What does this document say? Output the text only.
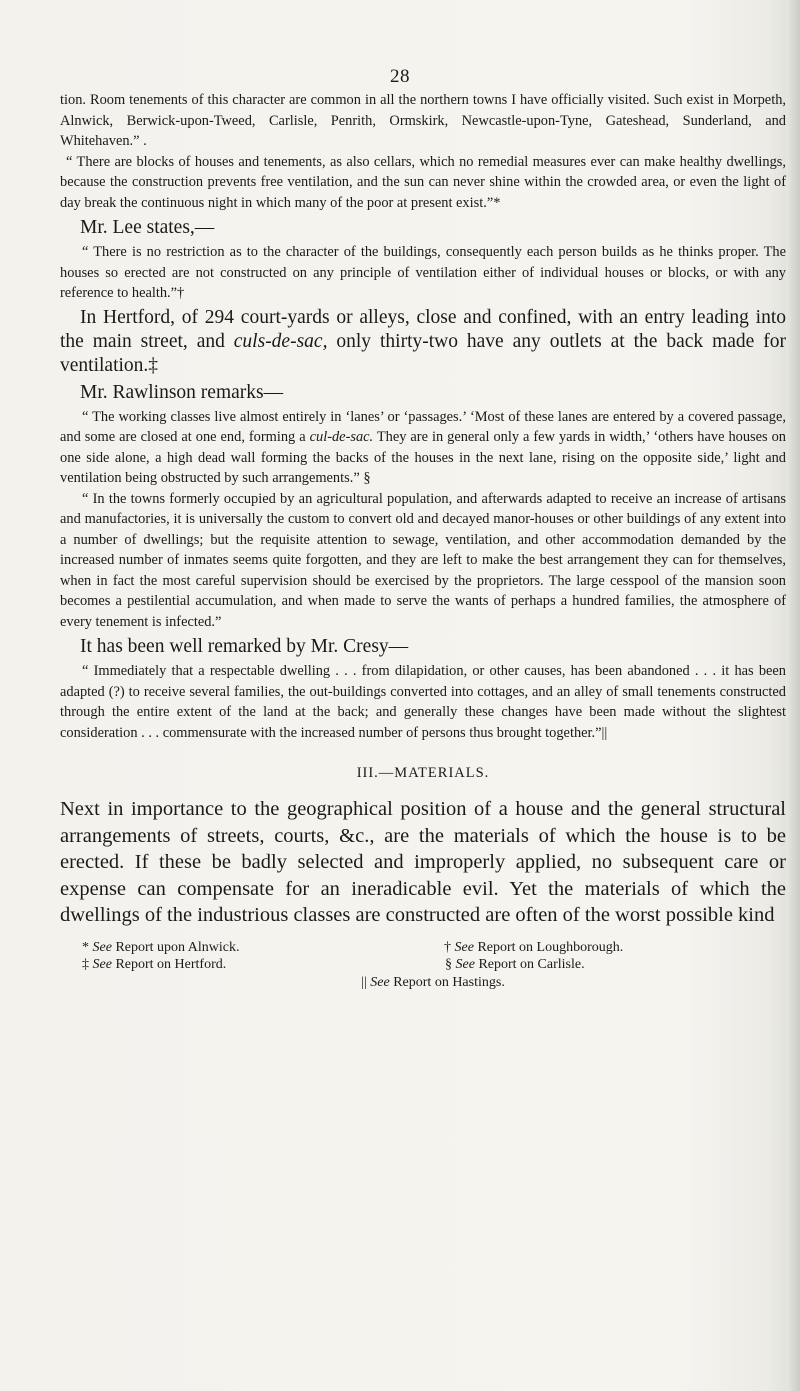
28

tion. Room tenements of this character are common in all the northern towns I have officially visited. Such exist in Morpeth, Alnwick, Berwick-upon-Tweed, Carlisle, Penrith, Ormskirk, Newcastle-upon-Tyne, Gateshead, Sunderland, and Whitehaven.” .

“ There are blocks of houses and tenements, as also cellars, which no remedial measures ever can make healthy dwellings, because the construction prevents free ventilation, and the sun can never shine within the crowded area, or even the light of day break the continuous night in which many of the poor at present exist.”*

Mr. Lee states,—

“ There is no restriction as to the character of the buildings, consequently each person builds as he thinks proper. The houses so erected are not constructed on any principle of ventilation either of individual houses or blocks, or with any reference to health.”†

In Hertford, of 294 court-yards or alleys, close and confined, with an entry leading into the main street, and culs-de-sac, only thirty-two have any outlets at the back made for ventilation.‡

Mr. Rawlinson remarks—

“ The working classes live almost entirely in ‘lanes’ or ‘passages.’ ‘Most of these lanes are entered by a covered passage, and some are closed at one end, forming a cul-de-sac. They are in general only a few yards in width,’ ‘others have houses on one side alone, a high dead wall forming the backs of the houses in the next lane, rising on the opposite side,’ light and ventilation being obstructed by such arrangements.” §

“ In the towns formerly occupied by an agricultural population, and afterwards adapted to receive an increase of artisans and manufactories, it is universally the custom to convert old and decayed manor-houses or other buildings of any extent into a number of dwellings; but the requisite attention to sewage, ventilation, and other accommodation demanded by the increased number of inmates seems quite forgotten, and they are left to make the best arrangement they can for themselves, when in fact the most careful supervision should be exercised by the proprietors. The large cesspool of the mansion soon becomes a pestilential accumulation, and when made to serve the wants of perhaps a hundred families, the atmosphere of every tenement is infected.”

It has been well remarked by Mr. Cresy—

“ Immediately that a respectable dwelling . . . from dilapidation, or other causes, has been abandoned . . . it has been adapted (?) to receive several families, the out-buildings converted into cottages, and an alley of small tenements constructed through the entire extent of the land at the back; and generally these changes have been made without the slightest consideration . . . commensurate with the increased number of persons thus brought together.”||

III.—MATERIALS.

Next in importance to the geographical position of a house and the general structural arrangements of streets, courts, &c., are the materials of which the house is to be erected. If these be badly selected and improperly applied, no subsequent care or expense can compensate for an ineradicable evil. Yet the materials of which the dwellings of the industrious classes are constructed are often of the worst possible kind

* See Report upon Alnwick.	† See Report on Loughborough.
‡ See Report on Hertford.	§ See Report on Carlisle.
|| See Report on Hastings.
